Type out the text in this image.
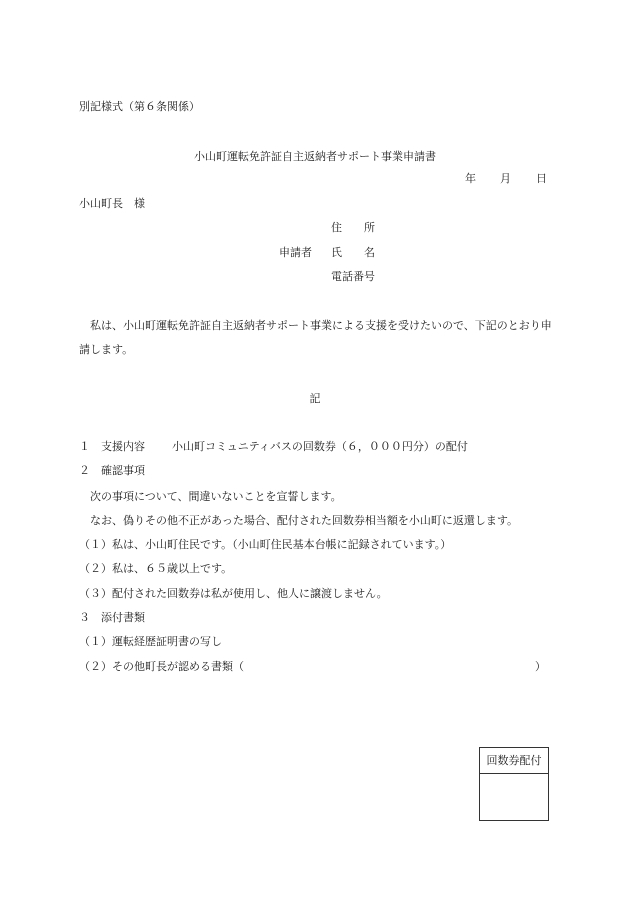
別記様式（第６条関係）
小山町運転免許証自主返納者サポート事業申請書
年 月 日
小山町長　様
住　　所
申請者 氏　　名
電話番号
私は、小山町運転免許証自主返納者サポート事業による支援を受けたいので、下記のとおり申請します。
記
１　支援内容 小山町コミュニティバスの回数券（６，０００円分）の配付
２　確認事項
次の事項について、間違いないことを宣誓します。
なお、偽りその他不正があった場合、配付された回数券相当額を小山町に返還します。
（１）私は、小山町住民です。（小山町住民基本台帳に記録されています。）
（２）私は、６５歳以上です。
（３）配付された回数券は私が使用し、他人に譲渡しません。
３　添付書類
（１）運転経歴証明書の写し
（２）その他町長が認める書類（	）
回数券配付
